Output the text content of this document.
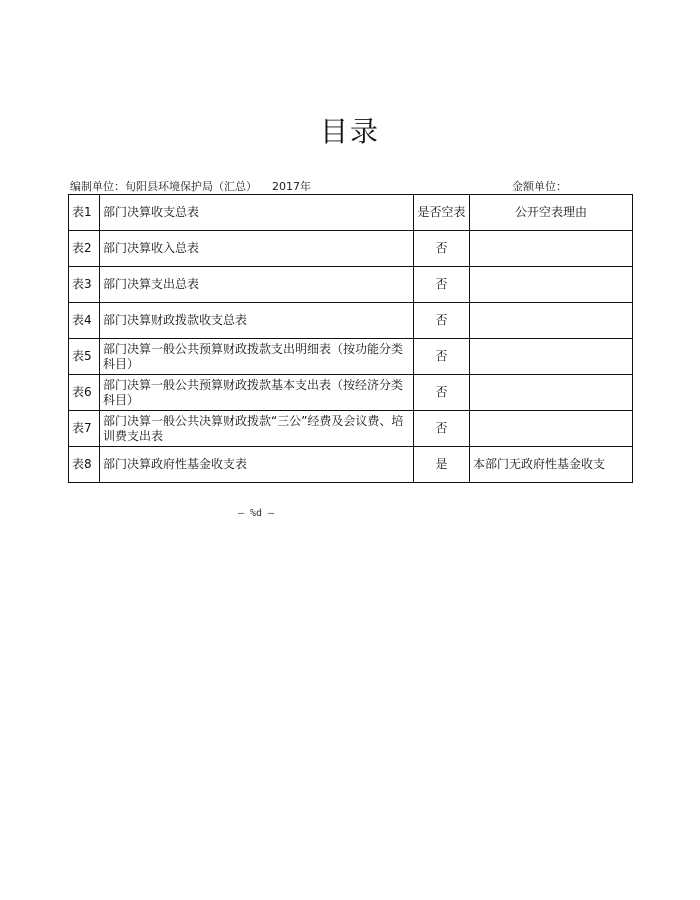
目录
编制单位：旬阳县环境保护局（汇总） 2017年	金额单位：
表1	部门决算收支总表	是否空表	公开空表理由
表2	部门决算收入总表	否	
表3	部门决算支出总表	否	
表4	部门决算财政拨款收支总表	否	
表5	部门决算一般公共预算财政拨款支出明细表（按功能分类科目）	否	
表6	部门决算一般公共预算财政拨款基本支出表（按经济分类科目）	否	
表7	部门决算一般公共决算财政拨款“三公”经费及会议费、培训费支出表	否	
表8	部门决算政府性基金收支表	是	本部门无政府性基金收支
— %d —
